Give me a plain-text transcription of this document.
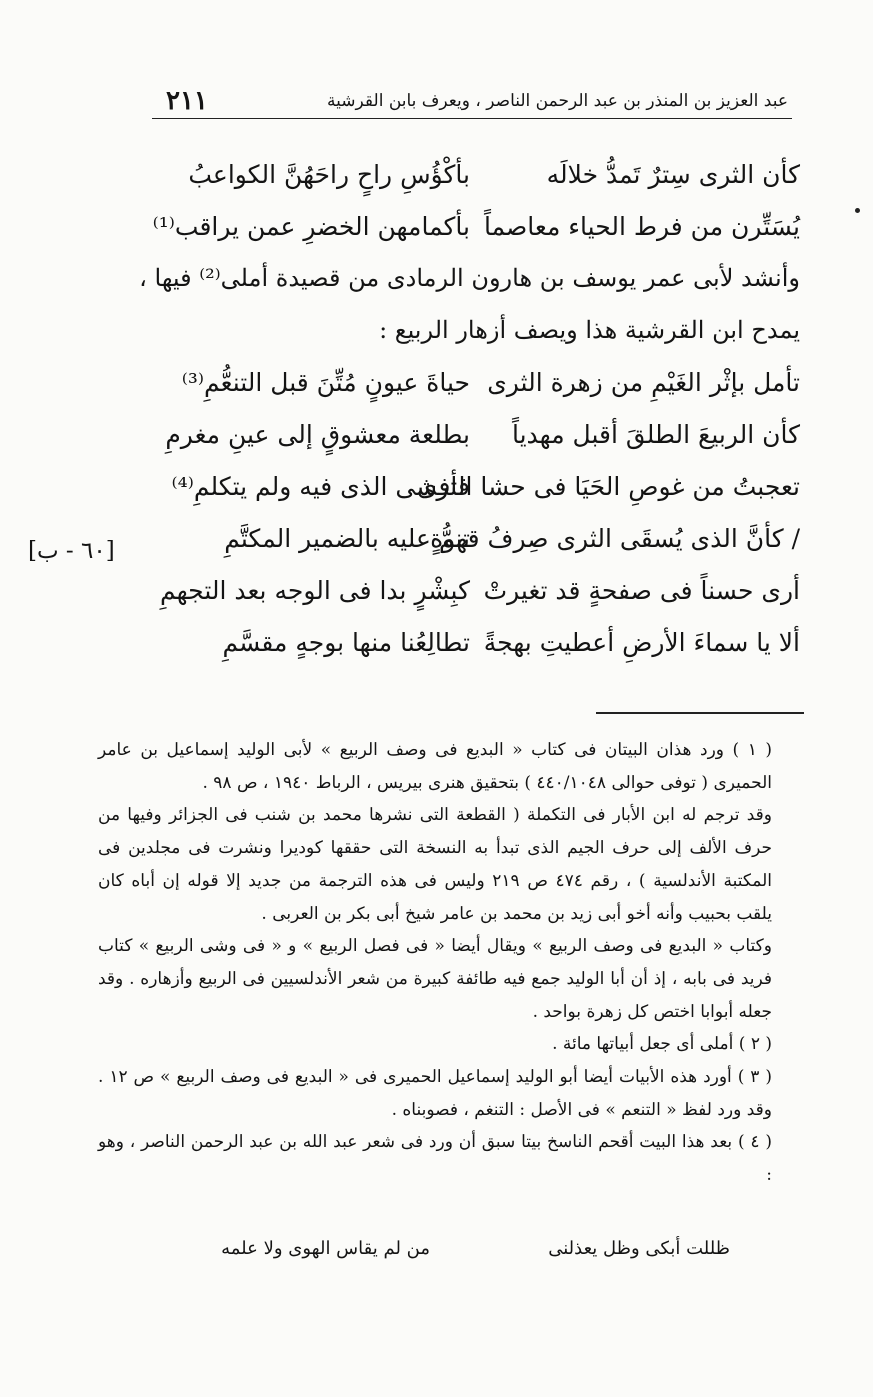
عبد العزيز بن المنذر بن عبد الرحمن الناصر ، ويعرف بابن القرشية
٢١١
كأن الثرى سِترٌ تَمدُّ خلالَه
بأكْؤُسِ راحٍ راحَهُنَّ الكواعبُ
يُسَتِّرن من فرط الحياء معاصماً
بأكمامهن الخضرِ عمن يراقب⁽¹⁾
وأنشد لأبى عمر يوسف بن هارون الرمادى من قصيدة أملى⁽²⁾ فيها ،
يمدح ابن القرشية هذا ويصف أزهار الربيع :
تأمل بإثْر الغَيْمِ من زهرة الثرى
حياةَ عيونٍ مُتِّنَ قبل التنعُّمِ⁽³⁾
كأن الربيعَ الطلقَ أقبل مهدياً
بطلعة معشوقٍ إلى عينِ مغرمِ
تعجبتُ من غوصِ الحَيَا فى حشا الثرى
فأفشى الذى فيه ولم يتكلمِ⁽⁴⁾
/ كأنَّ الذى يُسقَى الثرى صِرفُ قهوةٍ
تنمُّ عليه بالضمير المكتَّمِ
أرى حسناً فى صفحةٍ قد تغيرتْ
كبِشْرٍ بدا فى الوجه بعد التجهمِ
ألا يا سماءَ الأرضِ أعطيتِ بهجةً
تطالِعُنا منها بوجهٍ مقسَّمِ
[٦٠ - ب]

( ١ ) ورد هذان البيتان فى كتاب « البديع فى وصف الربيع » لأبى الوليد إسماعيل بن عامر الحميرى ( توفى حوالى ٤٤٠/١٠٤٨ ) بتحقيق هنرى بيريس ، الرباط ١٩٤٠ ، ص ٩٨ .

وقد ترجم له ابن الأبار فى التكملة ( القطعة التى نشرها محمد بن شنب فى الجزائر وفيها من حرف الألف إلى حرف الجيم الذى تبدأ به النسخة التى حققها كوديرا ونشرت فى مجلدين فى المكتبة الأندلسية ) ، رقم ٤٧٤ ص ٢١٩ وليس فى هذه الترجمة من جديد إلا قوله إن أباه كان يلقب بحبيب وأنه أخو أبى زيد بن محمد بن عامر شيخ أبى بكر بن العربى .

وكتاب « البديع فى وصف الربيع » ويقال أيضا « فى فصل الربيع » و « فى وشى الربيع » كتاب فريد فى بابه ، إذ أن أبا الوليد جمع فيه طائفة كبيرة من شعر الأندلسيين فى الربيع وأزهاره . وقد جعله أبوابا اختص كل زهرة بواحد .

( ٢ ) أملى أى جعل أبياتها مائة .

( ٣ ) أورد هذه الأبيات أيضا أبو الوليد إسماعيل الحميرى فى « البديع فى وصف الربيع » ص ١٢ . وقد ورد لفظ « التنعم » فى الأصل : التنغم ، فصوبناه .

( ٤ ) بعد هذا البيت أقحم الناسخ بيتا سبق أن ورد فى شعر عبد الله بن عبد الرحمن الناصر ، وهو :

ظللت أبكى وظل يعذلنى
من لم يقاس الهوى ولا علمه
